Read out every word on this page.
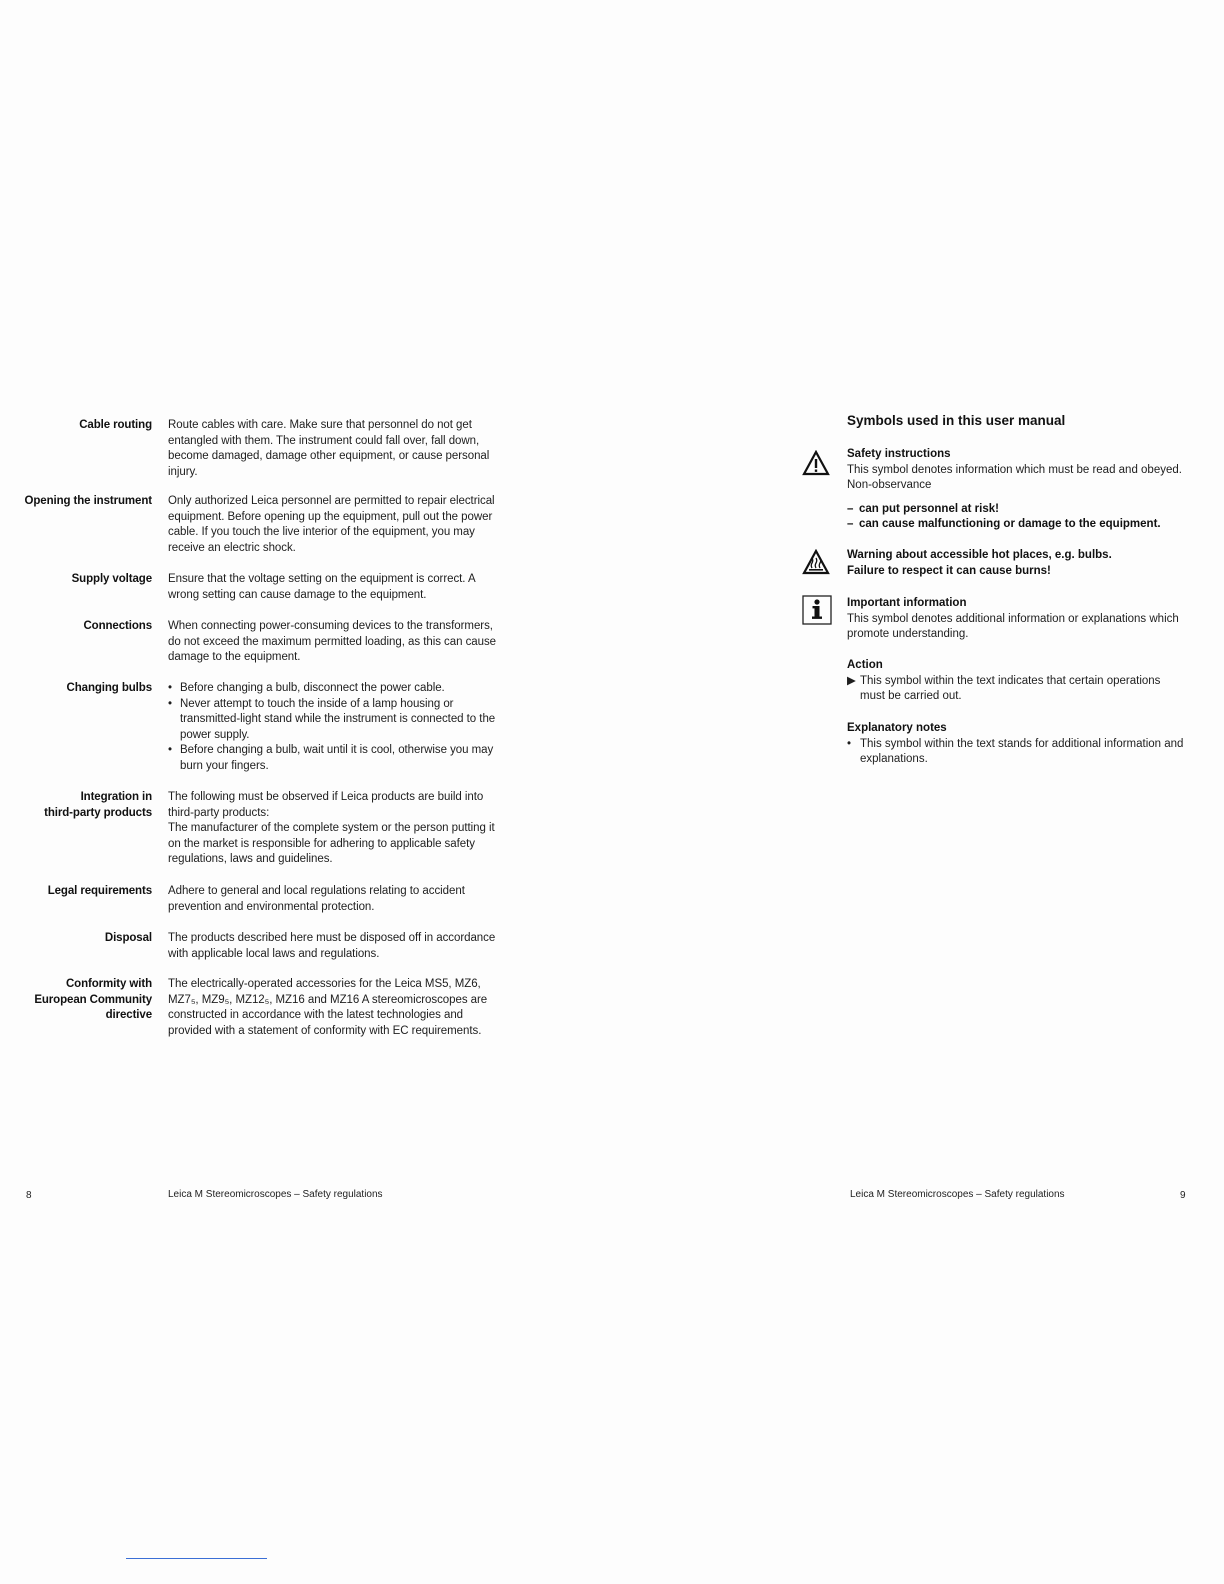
Cable routing Route cables with care. Make sure that personnel do not get entangled with them. The instrument could fall over, fall down, become damaged, damage other equipment, or cause personal injury.
Opening the instrument Only authorized Leica personnel are permitted to repair electrical equipment. Before opening up the equipment, pull out the power cable. If you touch the live interior of the equipment, you may receive an electric shock.
Supply voltage Ensure that the voltage setting on the equipment is correct. A wrong setting can cause damage to the equipment.
Connections When connecting power-consuming devices to the transformers, do not exceed the maximum permitted loading, as this can cause damage to the equipment.
Changing bulbs
•	Before changing a bulb, disconnect the power cable.
• Never attempt to touch the inside of a lamp housing or transmitted-light stand while the instrument is connected to the power supply.
• Before changing a bulb, wait until it is cool, otherwise you may burn your fingers.
Integration in
third-party products
The following must be observed if Leica products are build into third-party products:
The manufacturer of the complete system or the person putting it on the market is responsible for adhering to applicable safety regulations, laws and guidelines.
Legal requirements Adhere to general and local regulations relating to accident prevention and environmental protection.
Disposal The products described here must be disposed off in accordance with applicable local laws and regulations.
Conformity with
European Community
directive
The electrically-operated accessories for the Leica MS5, MZ6, MZ7₅, MZ9₅, MZ12₅, MZ16 and MZ16 A stereomicroscopes are constructed in accordance with the latest technologies and provided with a statement of conformity with EC requirements.
8	Leica M Stereomicroscopes – Safety regulations
Symbols used in this user manual
Safety instructions
This symbol denotes information which must be read and obeyed. Non-observance
– can put personnel at risk!
– can cause malfunctioning or damage to the equipment.
Warning about accessible hot places, e.g. bulbs.
Failure to respect it can cause burns!
Important information
This symbol denotes additional information or explanations which promote understanding.
Action
▶ This symbol within the text indicates that certain operations must be carried out.
Explanatory notes
• This symbol within the text stands for additional information and explanations.
Leica M Stereomicroscopes – Safety regulations	9
